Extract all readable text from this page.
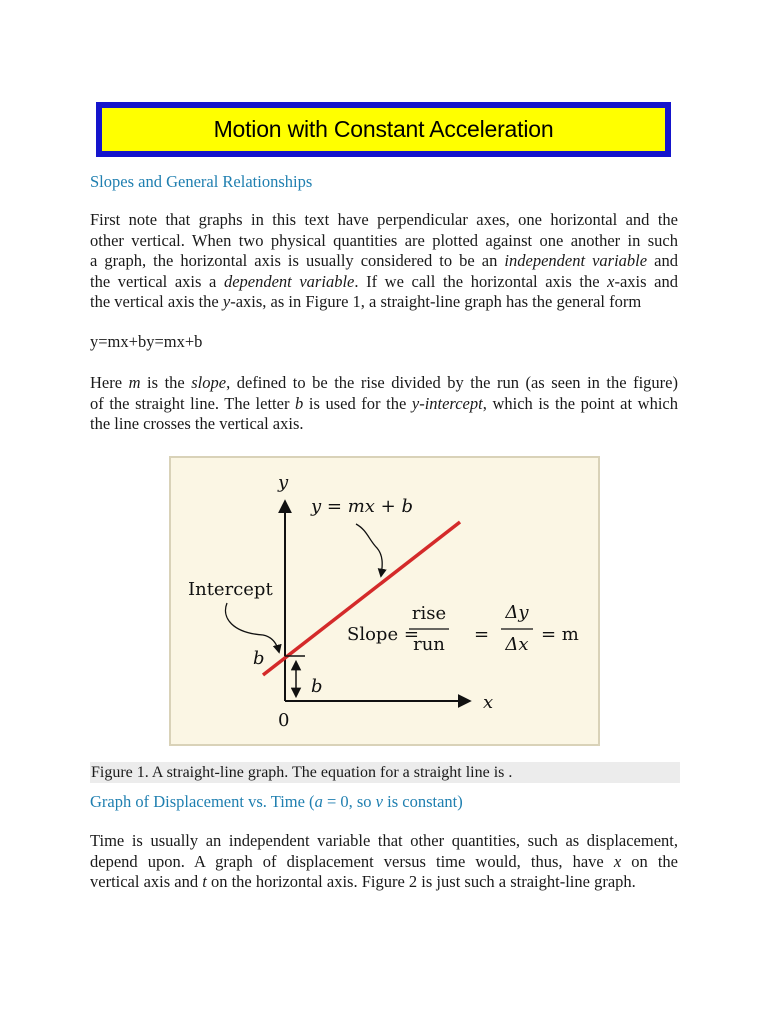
Motion with Constant Acceleration
Slopes and General Relationships
First note that graphs in this text have perpendicular axes, one horizontal and the
other vertical. When two physical quantities are plotted against one another in such
a graph, the horizontal axis is usually considered to be an independent variable and
the vertical axis a dependent variable. If we call the horizontal axis the x-axis and
the vertical axis the y-axis, as in Figure 1, a straight-line graph has the general form
y=mx+by=mx+b
Here m is the slope, defined to be the rise divided by the run (as seen in the figure)
of the straight line. The letter b is used for the y-intercept, which is the point at which
the line crosses the vertical axis.
y
x
0
y = mx + b
Intercept
b
b
Slope =
rise
run =
Δy
Δx = m
Figure 1. A straight-line graph. The equation for a straight line is .
Graph of Displacement vs. Time (a = 0, so v is constant)
Time is usually an independent variable that other quantities, such as displacement,
depend upon. A graph of displacement versus time would, thus, have x on the
vertical axis and t on the horizontal axis. Figure 2 is just such a straight-line graph.
